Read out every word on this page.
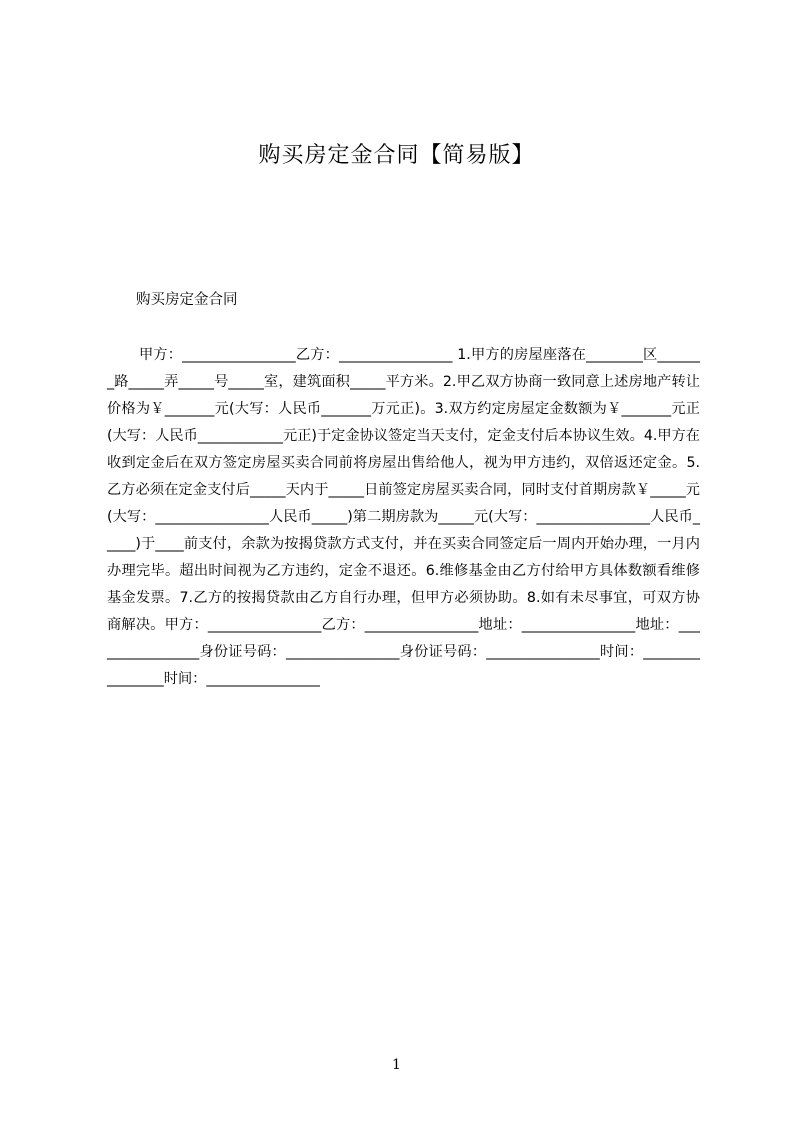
购买房定金合同【简易版】
购买房定金合同

甲方：________________乙方：________________ 1.甲方的房屋座落在________区_______路_____弄_____号_____室，建筑面积_____平方米。2.甲乙双方协商一致同意上述房地产转让价格为￥_______元(大写：人民币_______万元正)。3.双方约定房屋定金数额为￥_______元正(大写：人民币____________元正)于定金协议签定当天支付，定金支付后本协议生效。4.甲方在收到定金后在双方签定房屋买卖合同前将房屋出售给他人，视为甲方违约，双倍返还定金。5.乙方必须在定金支付后_____天内于_____日前签定房屋买卖合同，同时支付首期房款￥_____元(大写：________________人民币_____)第二期房款为_____元(大写：________________人民币_____)于____前支付，余款为按揭贷款方式支付，并在买卖合同签定后一周内开始办理，一月内办理完毕。超出时间视为乙方违约，定金不退还。6.维修基金由乙方付给甲方具体数额看维修基金发票。7.乙方的按揭贷款由乙方自行办理，但甲方必须协助。8.如有未尽事宜，可双方协商解决。甲方：________________乙方：________________地址：________________地址：________________身份证号码：________________身份证号码：________________时间：________________时间：________________

1
